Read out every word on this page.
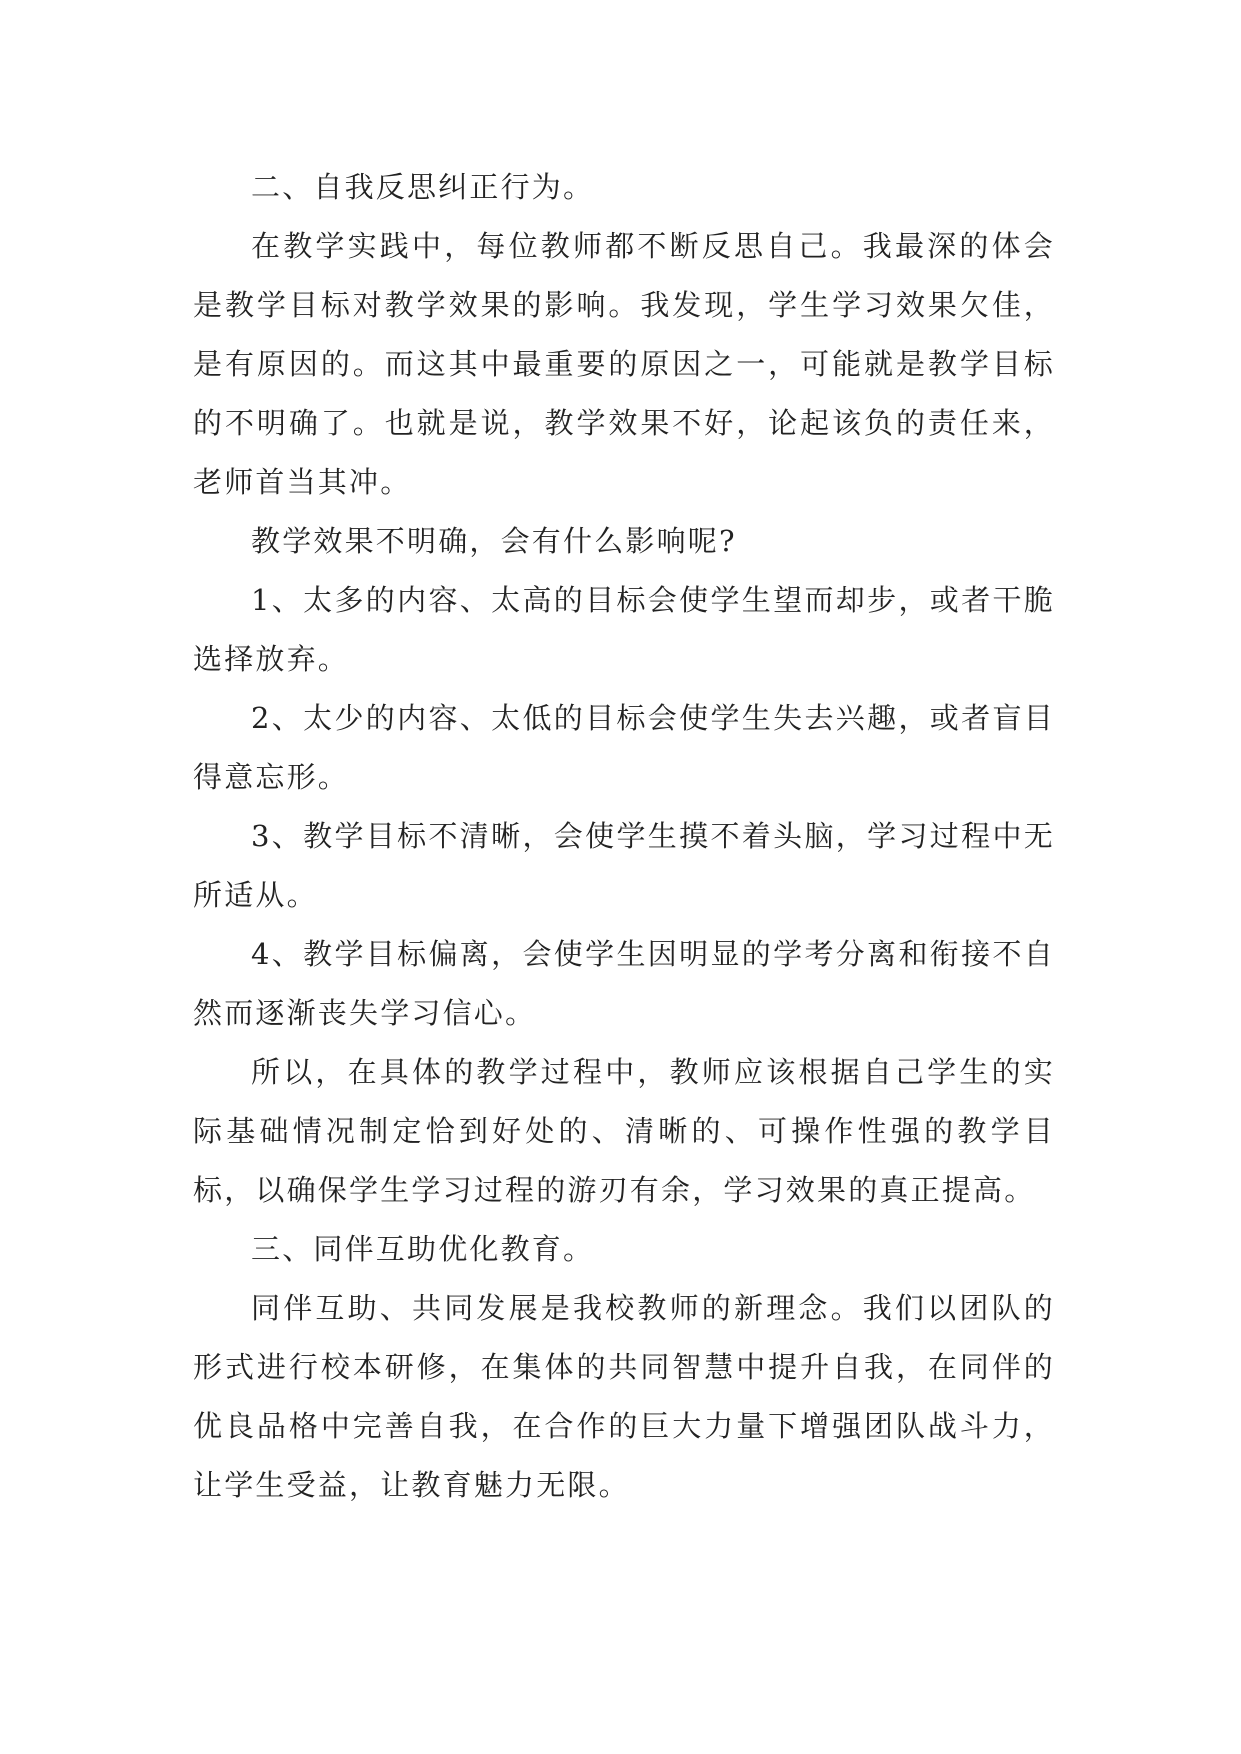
二、自我反思纠正行为。

在教学实践中，每位教师都不断反思自己。我最深的体会是教学目标对教学效果的影响。我发现，学生学习效果欠佳，是有原因的。而这其中最重要的原因之一，可能就是教学目标的不明确了。也就是说，教学效果不好，论起该负的责任来，老师首当其冲。

教学效果不明确，会有什么影响呢?

1、太多的内容、太高的目标会使学生望而却步，或者干脆选择放弃。

2、太少的内容、太低的目标会使学生失去兴趣，或者盲目得意忘形。

3、教学目标不清晰，会使学生摸不着头脑，学习过程中无所适从。

4、教学目标偏离，会使学生因明显的学考分离和衔接不自然而逐渐丧失学习信心。

所以，在具体的教学过程中，教师应该根据自己学生的实际基础情况制定恰到好处的、清晰的、可操作性强的教学目标，以确保学生学习过程的游刃有余，学习效果的真正提高。

三、同伴互助优化教育。

同伴互助、共同发展是我校教师的新理念。我们以团队的形式进行校本研修，在集体的共同智慧中提升自我，在同伴的优良品格中完善自我，在合作的巨大力量下增强团队战斗力，让学生受益，让教育魅力无限。
